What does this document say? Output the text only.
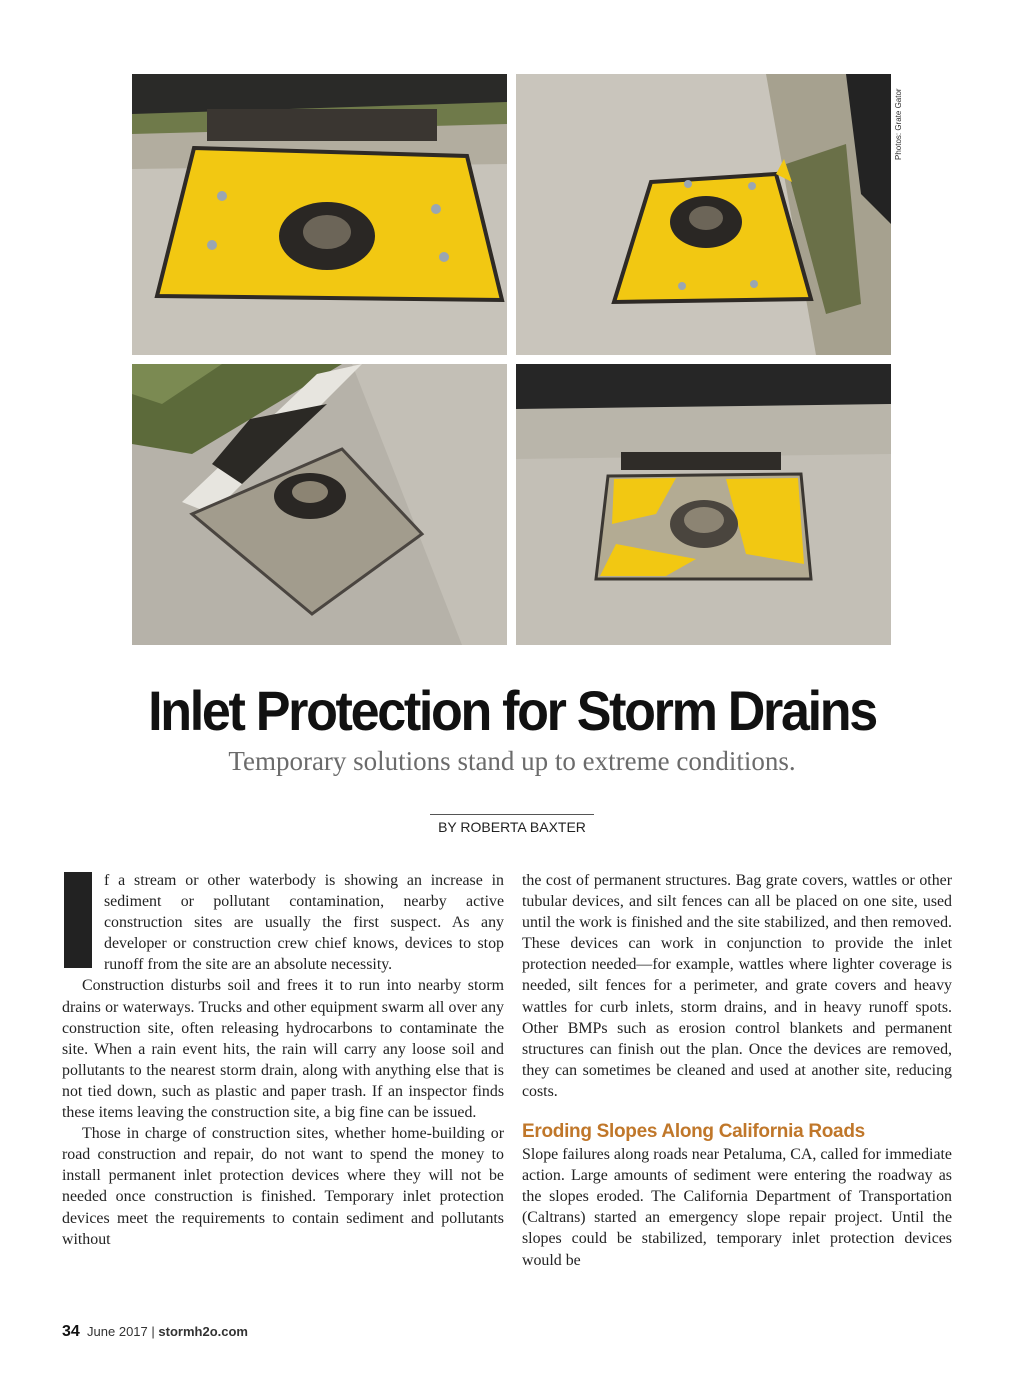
Photos: Grate Gator
Inlet Protection for Storm Drains
Temporary solutions stand up to extreme conditions.
BY ROBERTA BAXTER

f a stream or other waterbody is showing an increase in sediment or pollutant contamination, nearby active construction sites are usually the first suspect. As any developer or construction crew chief knows, devices to stop runoff from the site are an absolute necessity.

Construction disturbs soil and frees it to run into nearby storm drains or waterways. Trucks and other equipment swarm all over any construction site, often releasing hydrocarbons to contaminate the site. When a rain event hits, the rain will carry any loose soil and pollutants to the nearest storm drain, along with anything else that is not tied down, such as plastic and paper trash. If an inspector finds these items leaving the construction site, a big fine can be issued.

Those in charge of construction sites, whether home-building or road construction and repair, do not want to spend the money to install permanent inlet protection devices where they will not be needed once construction is finished. Temporary inlet protection devices meet the requirements to contain sediment and pollutants without

the cost of permanent structures. Bag grate covers, wattles or other tubular devices, and silt fences can all be placed on one site, used until the work is finished and the site stabilized, and then removed. These devices can work in conjunction to provide the inlet protection needed—for example, wattles where lighter coverage is needed, silt fences for a perimeter, and grate covers and heavy wattles for curb inlets, storm drains, and in heavy runoff spots. Other BMPs such as erosion control blankets and permanent structures can finish out the plan. Once the devices are removed, they can sometimes be cleaned and used at another site, reducing costs.

Eroding Slopes Along California Roads

Slope failures along roads near Petaluma, CA, called for immediate action. Large amounts of sediment were entering the roadway as the slopes eroded. The California Department of Transportation (Caltrans) started an emergency slope repair project. Until the slopes could be stabilized, temporary inlet protection devices would be

34 June 2017 | stormh2o.com
